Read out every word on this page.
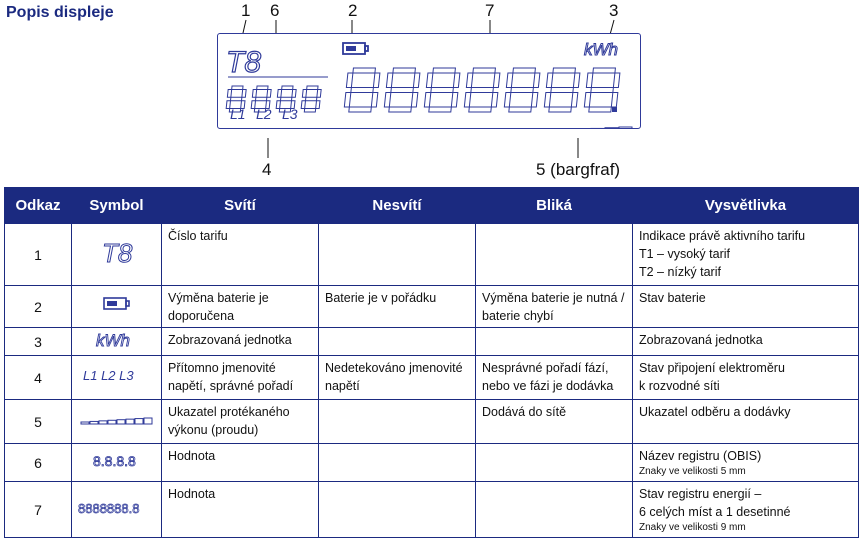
Popis displeje	1 6	2	7	3
4	5 (bargfraf)
T8	kWh
L1 L2 L3
Odkaz	Symbol	Svítí	Nesvítí	Bliká	Vysvětlivka
1	T8	Číslo tarifu			Indikace právě aktivního tarifu
T1 – vysoký tarif
T2 – nízký tarif

2		Výměna baterie je doporučena	Baterie je v pořádku	Výměna baterie je nutná / baterie chybí	Stav baterie

3	kWh	Zobrazovaná jednotka			Zobrazovaná jednotka

4	L1 L2 L3	Přítomno jmenovité napětí, správné pořadí	Nedetekováno jmenovité napětí	Nesprávné pořadí fází, nebo ve fázi je dodávka	Stav připojení elektroměru
k rozvodné síti

5		Ukazatel protékaného výkonu (proudu)		Dodává do sítě	Ukazatel odběru a dodávky

6	8.8.8.8	Hodnota			Název registru (OBIS)
Znaky ve velikosti 5 mm

7	8888888.8	Hodnota			Stav registru energií –
6 celých míst a 1 desetinné
Znaky ve velikosti 9 mm
